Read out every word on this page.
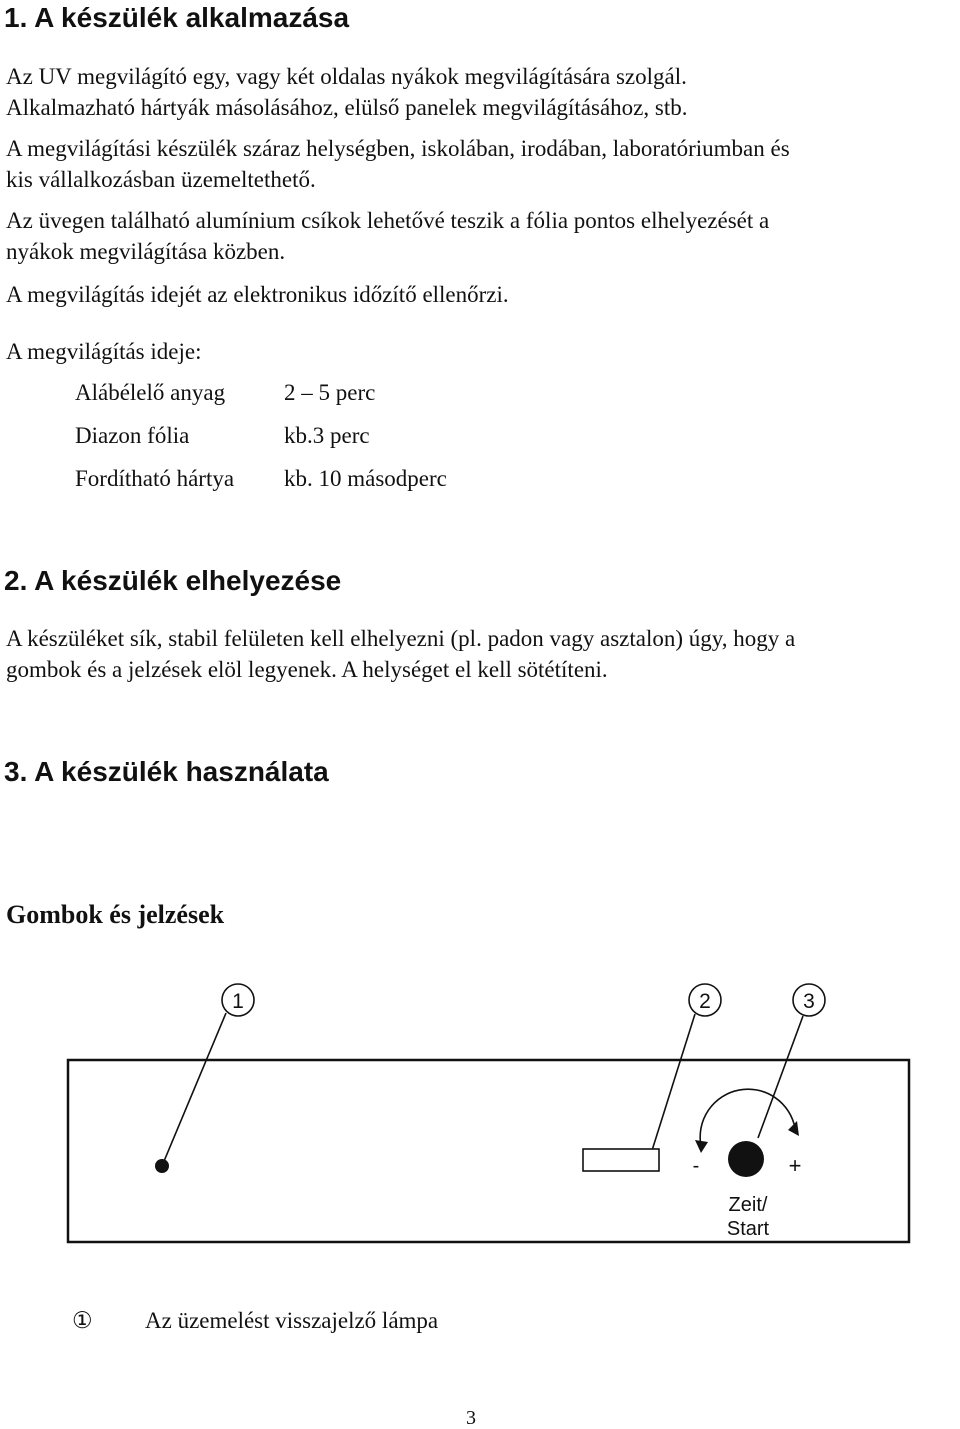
1. A készülék alkalmazása
Az UV megvilágító egy, vagy két oldalas nyákok megvilágítására szolgál.
Alkalmazható hártyák másolásához, elülső panelek megvilágításához, stb.
A megvilágítási készülék száraz helységben, iskolában, irodában, laboratóriumban és
kis vállalkozásban üzemeltethető.
Az üvegen található alumínium csíkok lehetővé teszik a fólia pontos elhelyezését a
nyákok megvilágítása közben.
A megvilágítás idejét az elektronikus időzítő ellenőrzi.
A megvilágítás ideje:
Alábélelő anyag	2 – 5 perc
Diazon fólia	kb.3 perc
Fordítható hártya kb. 10 másodperc
2. A készülék elhelyezése
A készüléket sík, stabil felületen kell elhelyezni (pl. padon vagy asztalon) úgy, hogy a
gombok és a jelzések elöl legyenek. A helységet el kell sötétíteni.
3. A készülék használata
Gombok és jelzések
1	2	3
-	+
Zeit/
Start
① Az üzemelést visszajelző lámpa
3
